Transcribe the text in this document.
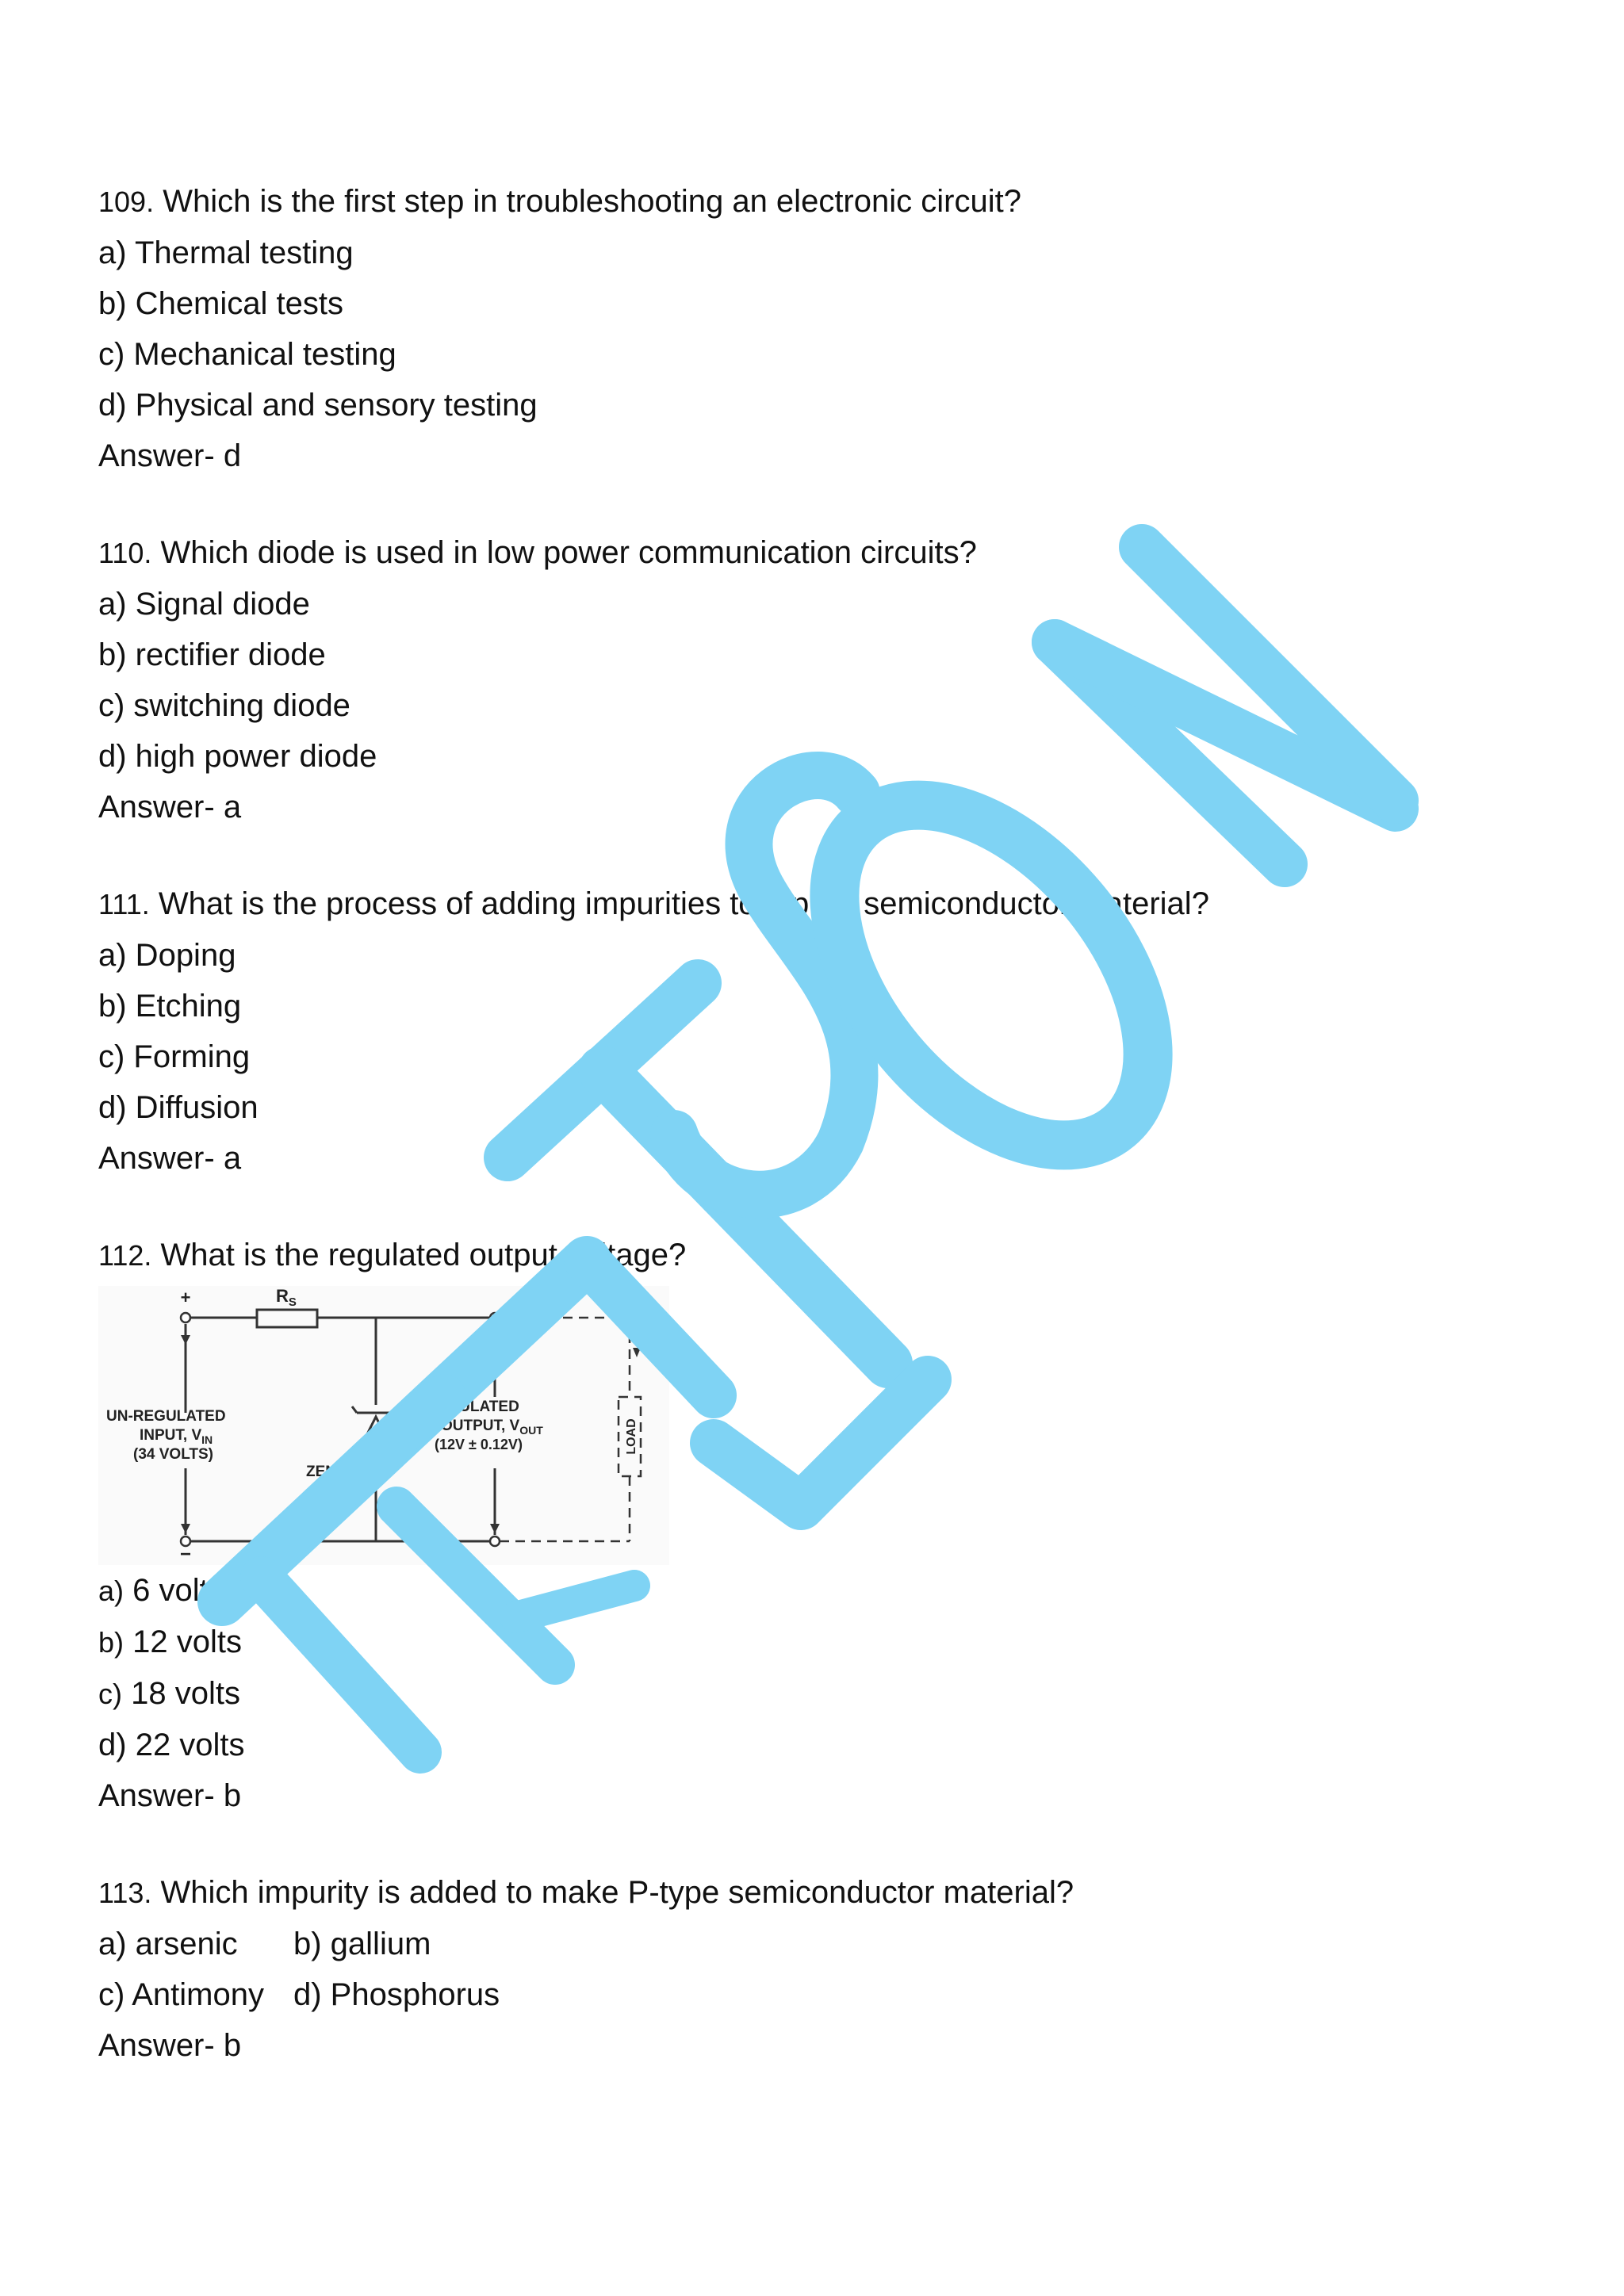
109. Which is the first step in troubleshooting an electronic circuit?

a) Thermal testing

b) Chemical tests

c) Mechanical testing

d) Physical and sensory testing

Answer- d

110. Which diode is used in low power communication circuits?

a) Signal diode

b) rectifier diode

c) switching diode

d) high power diode

Answer- a

111. What is the process of adding impurities to a pure semiconductor material?

a) Doping

b) Etching

c) Forming

d) Diffusion

Answer- a

112. What is the regulated output voltage?

+
−
$R_S$
UN-REGULATED
INPUT, $V_{IN}$
(34 VOLTS)
ZENER
12V
REGULATED
OUTPUT, $V_{OUT}$
(12V ± 0.12V)	LOAD
$I_L$

a) 6 volts

b) 12 volts

c) 18 volts

d) 22 volts

Answer- b

113. Which impurity is added to make P-type semiconductor material?

a) arsenic b) gallium

c) Antimony d) Phosphorus

Answer- b
